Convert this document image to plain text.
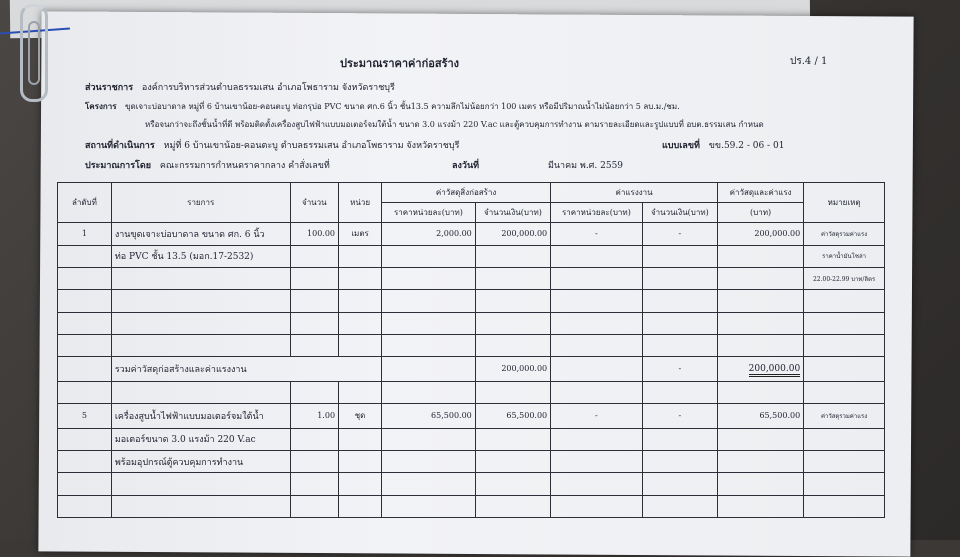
ประมาณราคาค่าก่อสร้าง	ปร.4 / 1
ส่วนราชการ องค์การบริหารส่วนตำบลธรรมเสน อำเภอโพธาราม จังหวัดราชบุรี
โครงการ ขุดเจาะบ่อบาดาล หมู่ที่ 6 บ้านเขาน้อย-คอนตะบู ท่อกรุบ่อ PVC ขนาด ศก.6 นิ้ว ชั้น13.5 ความลึกไม่น้อยกว่า 100 เมตร หรือมีปริมาณน้ำไม่น้อยกว่า 5 ลบ.ม./ชม.
หรือจนกว่าจะถึงชั้นน้ำที่ดี พร้อมติดตั้งเครื่องสูบไฟฟ้าแบบมอเตอร์จมใต้น้ำ ขนาด 3.0 แรงม้า 220 V.ac และตู้ควบคุมการทำงาน ตามรายละเอียดและรูปแบบที่ อบต.ธรรมเสน กำหนด
สถานที่ดำเนินการ หมู่ที่ 6 บ้านเขาน้อย-คอนตะบู ตำบลธรรมเสน อำเภอโพธาราม จังหวัดราชบุรี	แบบเลขที่ ขข.59.2 - 06 - 01
ประมาณการโดย คณะกรรมการกำหนดราคากลาง คำสั่งเลขที่	ลงวันที่	มีนาคม พ.ศ. 2559
ลำดับที่	รายการ	จำนวน	หน่วย	ค่าวัสดุสิ่งก่อสร้าง		ค่าแรงงาน		ค่าวัสดุและค่าแรง	หมายเหตุ
				ราคาหน่วยละ(บาท)	จำนวนเงิน(บาท)	ราคาหน่วยละ(บาท)	จำนวนเงิน(บาท)	(บาท)	
1	งานขุดเจาะบ่อบาดาล ขนาด ศก. 6 นิ้ว	100.00	เมตร	2,000.00	200,000.00	-	-	200,000.00	ค่าวัสดุรวมค่าแรง
	ท่อ PVC ชั้น 13.5 (มอก.17-2532)								ราคาน้ำมันโซล่า
									22.00-22.99 บาท/ลิตร

	รวมค่าวัสดุก่อสร้างและค่าแรงงาน				200,000.00		-	200,000.00	

5	เครื่องสูบน้ำไฟฟ้าแบบมอเตอร์จมใต้น้ำ	1.00	ชุด	65,500.00	65,500.00	-	-	65,500.00	ค่าวัสดุรวมค่าแรง
	มอเตอร์ขนาด 3.0 แรงม้า 220 V.ac								
	พร้อมอุปกรณ์ตู้ควบคุมการทำงาน								
